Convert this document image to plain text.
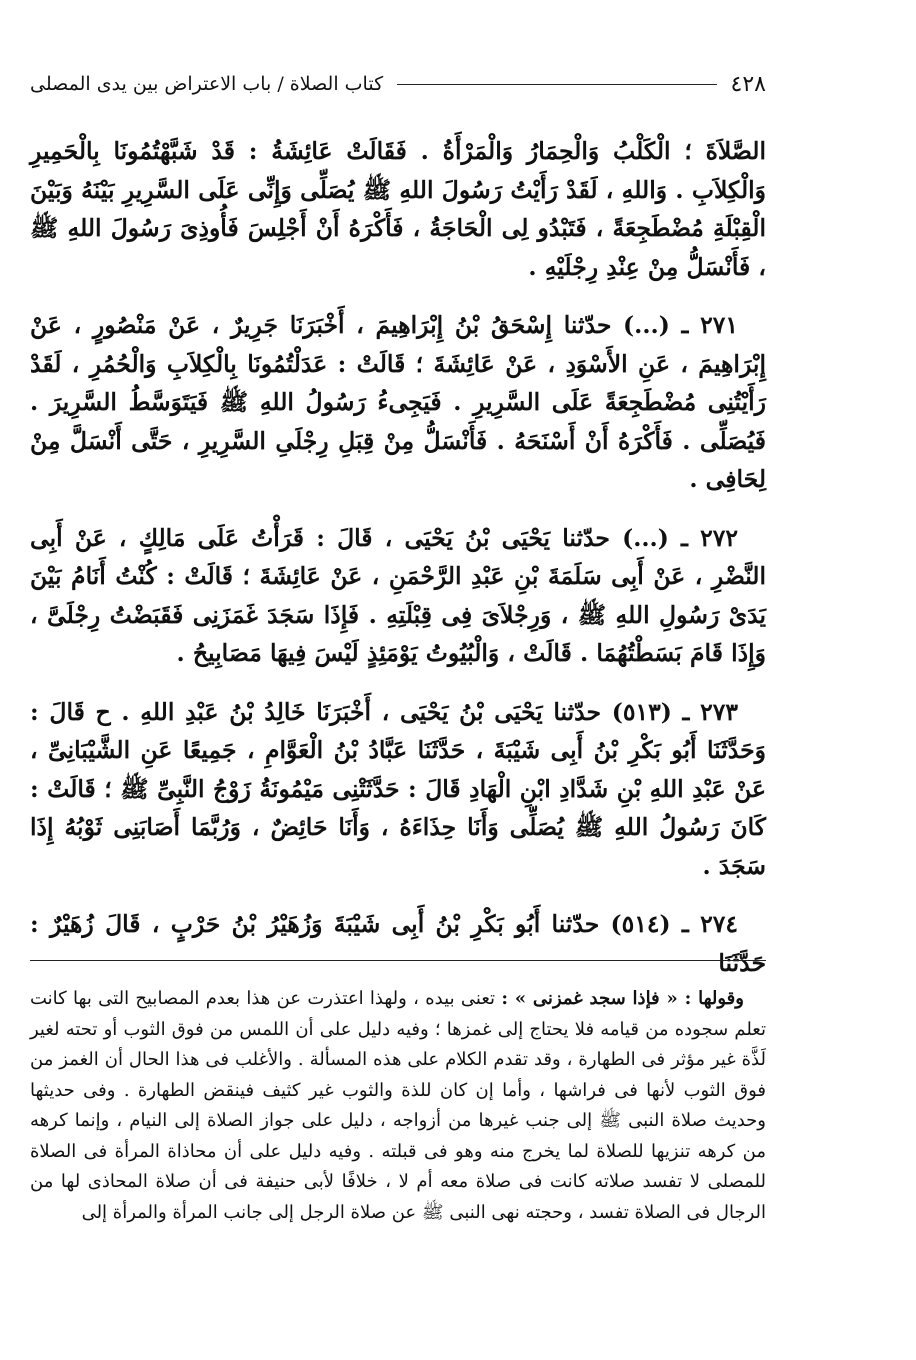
٤٢٨
كتاب الصلاة / باب الاعتراض بين يدى المصلى

الصَّلاَةَ ؛ الْكَلْبُ وَالْحِمَارُ وَالْمَرْأَةُ . فَقَالَتْ عَائِشَةُ : قَدْ شَبَّهْتُمُونَا بِالْحَمِيرِ وَالْكِلاَبِ . وَاللهِ ، لَقَدْ رَأَيْتُ رَسُولَ اللهِ ﷺ يُصَلِّى وَإِنِّى عَلَى السَّرِيرِ بَيْنَهُ وَبَيْنَ الْقِبْلَةِ مُضْطَجِعَةً ، فَتَبْدُو لِى الْحَاجَةُ ، فَأَكْرَهُ أَنْ أَجْلِسَ فَأُوذِىَ رَسُولَ اللهِ ﷺ ، فَأَنْسَلُّ مِنْ عِنْدِ رِجْلَيْهِ .

٢٧١ ـ (...) حدّثنا إِسْحَقُ بْنُ إِبْرَاهِيمَ ، أَخْبَرَنَا جَرِيرٌ ، عَنْ مَنْصُورٍ ، عَنْ إِبْرَاهِيمَ ، عَنِ الأَسْوَدِ ، عَنْ عَائِشَةَ ؛ قَالَتْ : عَدَلْتُمُونَا بِالْكِلاَبِ وَالْحُمُرِ ، لَقَدْ رَأَيْتُنِى مُضْطَجِعَةً عَلَى السَّرِيرِ . فَيَجِىءُ رَسُولُ اللهِ ﷺ فَيَتَوَسَّطُ السَّرِيرَ . فَيُصَلِّى . فَأَكْرَهُ أَنْ أَسْنَحَهُ . فَأَنْسَلُّ مِنْ قِبَلِ رِجْلَىِ السَّرِيرِ ، حَتَّى أَنْسَلَّ مِنْ لِحَافِى .

٢٧٢ ـ (...) حدّثنا يَحْيَى بْنُ يَحْيَى ، قَالَ : قَرَأْتُ عَلَى مَالِكٍ ، عَنْ أَبِى النَّضْرِ ، عَنْ أَبِى سَلَمَةَ بْنِ عَبْدِ الرَّحْمَنِ ، عَنْ عَائِشَةَ ؛ قَالَتْ : كُنْتُ أَنَامُ بَيْنَ يَدَىْ رَسُولِ اللهِ ﷺ ، وَرِجْلاَىَ فِى قِبْلَتِهِ . فَإِذَا سَجَدَ غَمَزَنِى فَقَبَضْتُ رِجْلَىَّ ، وَإِذَا قَامَ بَسَطْتُهُمَا . قَالَتْ ، وَالْبُيُوتُ يَوْمَئِذٍ لَيْسَ فِيهَا مَصَابِيحُ .

٢٧٣ ـ (٥١٣) حدّثنا يَحْيَى بْنُ يَحْيَى ، أَخْبَرَنَا خَالِدُ بْنُ عَبْدِ اللهِ . ح قَالَ : وَحَدَّثَنَا أَبُو بَكْرِ بْنُ أَبِى شَيْبَةَ ، حَدَّثَنَا عَبَّادُ بْنُ الْعَوَّامِ ، جَمِيعًا عَنِ الشَّيْبَانِىِّ ، عَنْ عَبْدِ اللهِ بْنِ شَدَّادِ ابْنِ الْهَادِ قَالَ : حَدَّثَتْنِى مَيْمُونَةُ زَوْجُ النَّبِىِّ ﷺ ؛ قَالَتْ : كَانَ رَسُولُ اللهِ ﷺ يُصَلِّى وَأَنَا حِذَاءَهُ ، وَأَنَا حَائِضٌ ، وَرُبَّمَا أَصَابَنِى ثَوْبُهُ إِذَا سَجَدَ .

٢٧٤ ـ (٥١٤) حدّثنا أَبُو بَكْرِ بْنُ أَبِى شَيْبَةَ وَزُهَيْرُ بْنُ حَرْبٍ ، قَالَ زُهَيْرٌ : حَدَّثَنَا

وقولها : « فإذا سجد غمزنى » : تعنى بيده ، ولهذا اعتذرت عن هذا بعدم المصابيح التى بها كانت تعلم سجوده من قيامه فلا يحتاج إلى غمزها ؛ وفيه دليل على أن اللمس من فوق الثوب أو تحته لغير لَذَّة غير مؤثر فى الطهارة ، وقد تقدم الكلام على هذه المسألة . والأغلب فى هذا الحال أن الغمز من فوق الثوب لأنها فى فراشها ، وأما إن كان للذة والثوب غير كثيف فينقض الطهارة . وفى حديثها وحديث صلاة النبى ﷺ إلى جنب غيرها من أزواجه ، دليل على جواز الصلاة إلى النيام ، وإنما كرهه من كرهه تنزيها للصلاة لما يخرج منه وهو فى قبلته . وفيه دليل على أن محاذاة المرأة فى الصلاة للمصلى لا تفسد صلاته كانت فى صلاة معه أم لا ، خلافًا لأبى حنيفة فى أن صلاة المحاذى لها من الرجال فى الصلاة تفسد ، وحجته نهى النبى ﷺ عن صلاة الرجل إلى جانب المرأة والمرأة إلى
